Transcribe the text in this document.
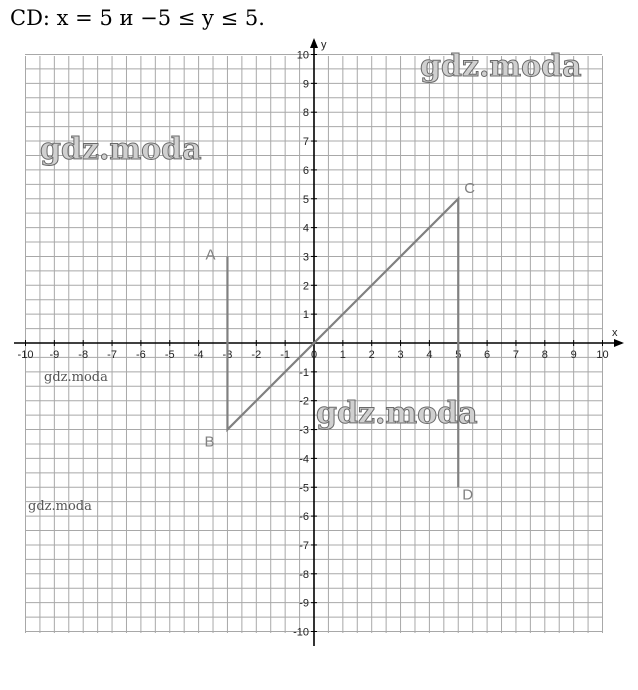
CD: x = 5 и −5 ≤ y ≤ 5.
x
y
-10 -9 -8 -7 -6 -5 -4 -3 -2 -1 0 1 2 3 4 5 6 7 8 9 10
-10
-9
-8
-7
-6
-5
-4
-3
-2
-1
1
2
3
4
5
6
7
8
9
10
A
B
C
D
gdz.moda
gdz.moda
gdz.moda
gdz.moda
gdz.moda
